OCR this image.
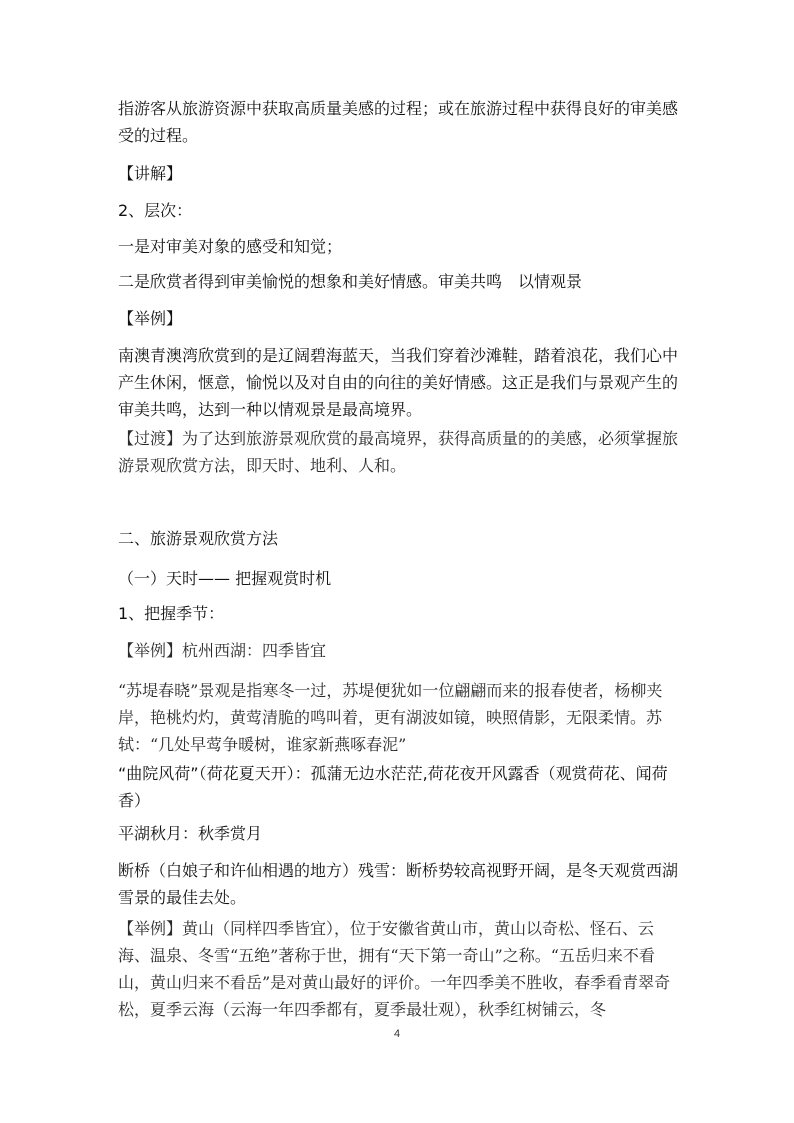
指游客从旅游资源中获取高质量美感的过程；或在旅游过程中获得良好的审美感受的过程。

【讲解】

2、层次：

一是对审美对象的感受和知觉；

二是欣赏者得到审美愉悦的想象和美好情感。审美共鸣　以情观景

【举例】

南澳青澳湾欣赏到的是辽阔碧海蓝天，当我们穿着沙滩鞋，踏着浪花，我们心中产生休闲，惬意，愉悦以及对自由的向往的美好情感。这正是我们与景观产生的审美共鸣，达到一种以情观景是最高境界。

【过渡】为了达到旅游景观欣赏的最高境界，获得高质量的的美感，必须掌握旅游景观欣赏方法，即天时、地利、人和。

二、旅游景观欣赏方法

（一）天时—— 把握观赏时机

1、把握季节：

【举例】杭州西湖：四季皆宜

“苏堤春晓”景观是指寒冬一过，苏堤便犹如一位翩翩而来的报春使者，杨柳夹岸，艳桃灼灼，黄莺清脆的鸣叫着，更有湖波如镜，映照倩影，无限柔情。苏轼：“几处早莺争暖树，谁家新燕啄春泥”

“曲院风荷”（荷花夏天开）：孤蒲无边水茫茫,荷花夜开风露香（观赏荷花、闻荷香）

平湖秋月：秋季赏月

断桥（白娘子和许仙相遇的地方）残雪：断桥势较高视野开阔，是冬天观赏西湖雪景的最佳去处。

【举例】黄山（同样四季皆宜），位于安徽省黄山市，黄山以奇松、怪石、云海、温泉、冬雪“五绝”著称于世，拥有“天下第一奇山”之称。“五岳归来不看山，黄山归来不看岳”是对黄山最好的评价。一年四季美不胜收，春季看青翠奇松，夏季云海（云海一年四季都有，夏季最壮观），秋季红树铺云，冬

4
